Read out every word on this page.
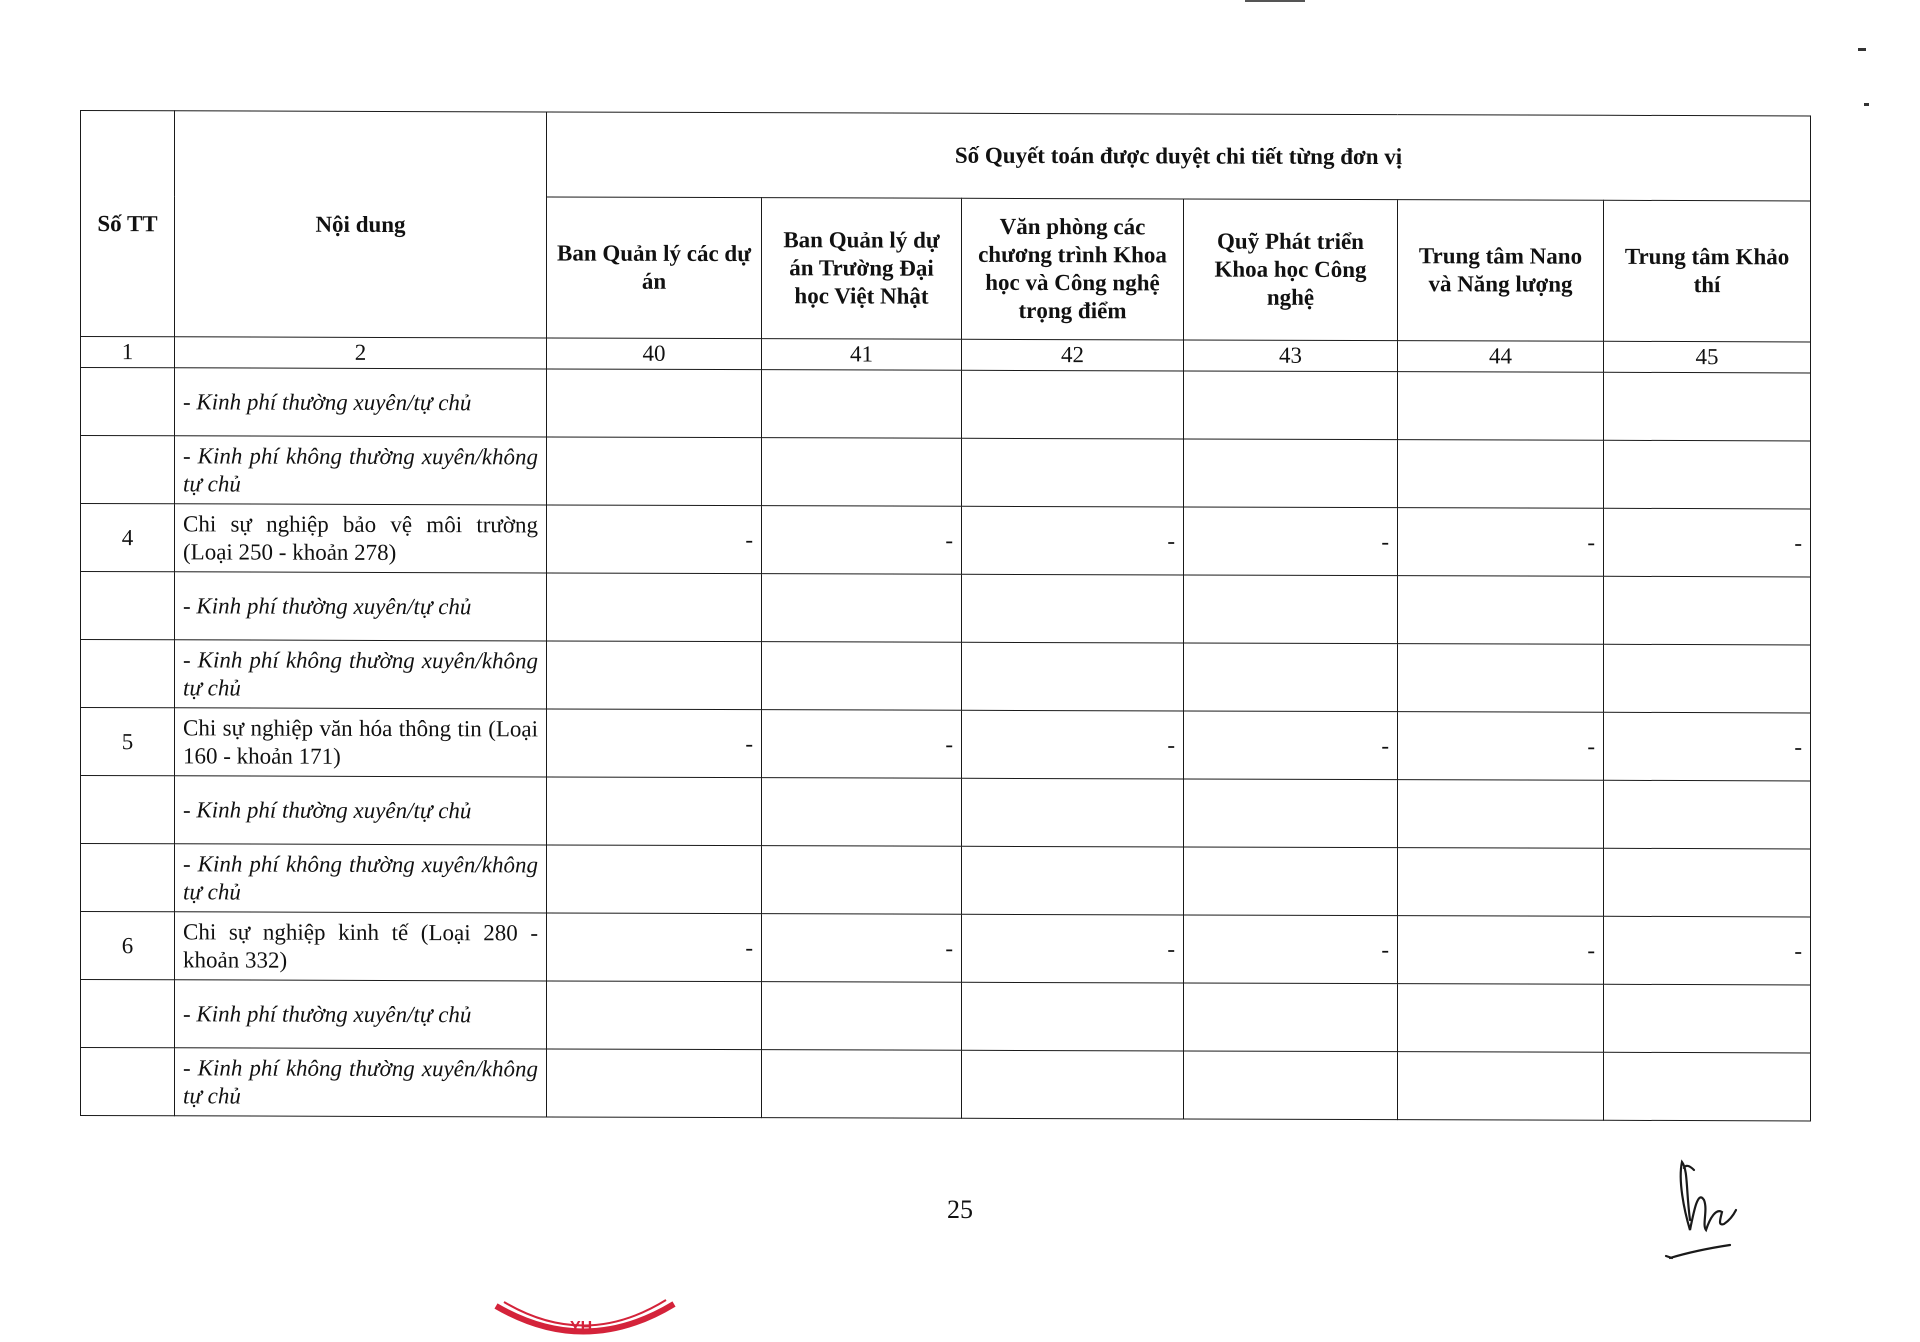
Số TT	Nội dung	Số Quyết toán được duyệt chi tiết từng đơn vị					
		Ban Quản lý các dự án	Ban Quản lý dự án Trường Đại học Việt Nhật	Văn phòng các chương trình Khoa học và Công nghệ trọng điểm	Quỹ Phát triển Khoa học Công nghệ	Trung tâm Nano và Năng lượng	Trung tâm Khảo thí
1	2	40	41	42	43	44	45
	- Kinh phí thường xuyên/tự chủ						
	- Kinh phí không thường xuyên/không tự chủ						
4	Chi sự nghiệp bảo vệ môi trường (Loại 250 - khoản 278)	-	-	-	-	-	-
	- Kinh phí thường xuyên/tự chủ						
	- Kinh phí không thường xuyên/không tự chủ						
5	Chi sự nghiệp văn hóa thông tin (Loại 160 - khoản 171)	-	-	-	-	-	-
	- Kinh phí thường xuyên/tự chủ						
	- Kinh phí không thường xuyên/không tự chủ						
6	Chi sự nghiệp kinh tế (Loại 280 - khoản 332)	-	-	-	-	-	-
	- Kinh phí thường xuyên/tự chủ						
	- Kinh phí không thường xuyên/không tự chủ						
25
YH
